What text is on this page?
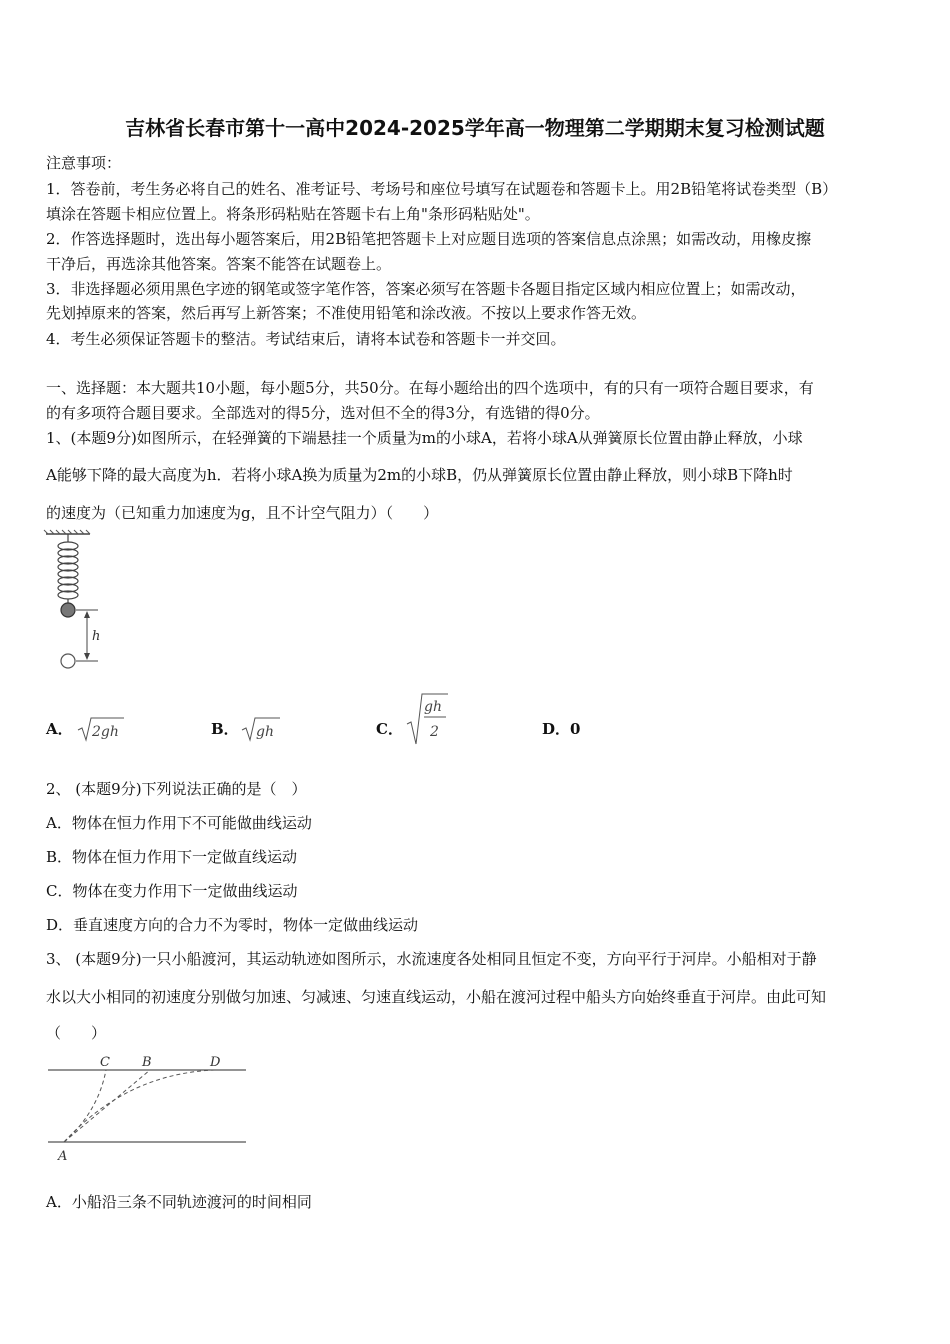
吉林省长春市第十一高中2024-2025学年高一物理第二学期期末复习检测试题
注意事项：
1．答卷前，考生务必将自己的姓名、准考证号、考场号和座位号填写在试题卷和答题卡上。用2B铅笔将试卷类型（B）
填涂在答题卡相应位置上。将条形码粘贴在答题卡右上角"条形码粘贴处"。
2．作答选择题时，选出每小题答案后，用2B铅笔把答题卡上对应题目选项的答案信息点涂黑；如需改动，用橡皮擦
干净后，再选涂其他答案。答案不能答在试题卷上。
3．非选择题必须用黑色字迹的钢笔或签字笔作答，答案必须写在答题卡各题目指定区域内相应位置上；如需改动，
先划掉原来的答案，然后再写上新答案；不准使用铅笔和涂改液。不按以上要求作答无效。
4．考生必须保证答题卡的整洁。考试结束后，请将本试卷和答题卡一并交回。
一、选择题：本大题共10小题，每小题5分，共50分。在每小题给出的四个选项中，有的只有一项符合题目要求，有
的有多项符合题目要求。全部选对的得5分，选对但不全的得3分，有选错的得0分。
1、(本题9分)如图所示，在轻弹簧的下端悬挂一个质量为m的小球A，若将小球A从弹簧原长位置由静止释放，小球
A能够下降的最大高度为h．若将小球A换为质量为2m的小球B，仍从弹簧原长位置由静止释放，则小球B下降h时
的速度为（已知重力加速度为g，且不计空气阻力）（　　）
h
A． 2gh	B． gh	C．
gh
2	D．0
2、 (本题9分)下列说法正确的是（　）
A．物体在恒力作用下不可能做曲线运动
B．物体在恒力作用下一定做直线运动
C．物体在变力作用下一定做曲线运动
D．垂直速度方向的合力不为零时，物体一定做曲线运动
3、 (本题9分)一只小船渡河，其运动轨迹如图所示，水流速度各处相同且恒定不变，方向平行于河岸。小船相对于静
水以大小相同的初速度分别做匀加速、匀减速、匀速直线运动，小船在渡河过程中船头方向始终垂直于河岸。由此可知
（　　）
C B	D
A
A．小船沿三条不同轨迹渡河的时间相同
